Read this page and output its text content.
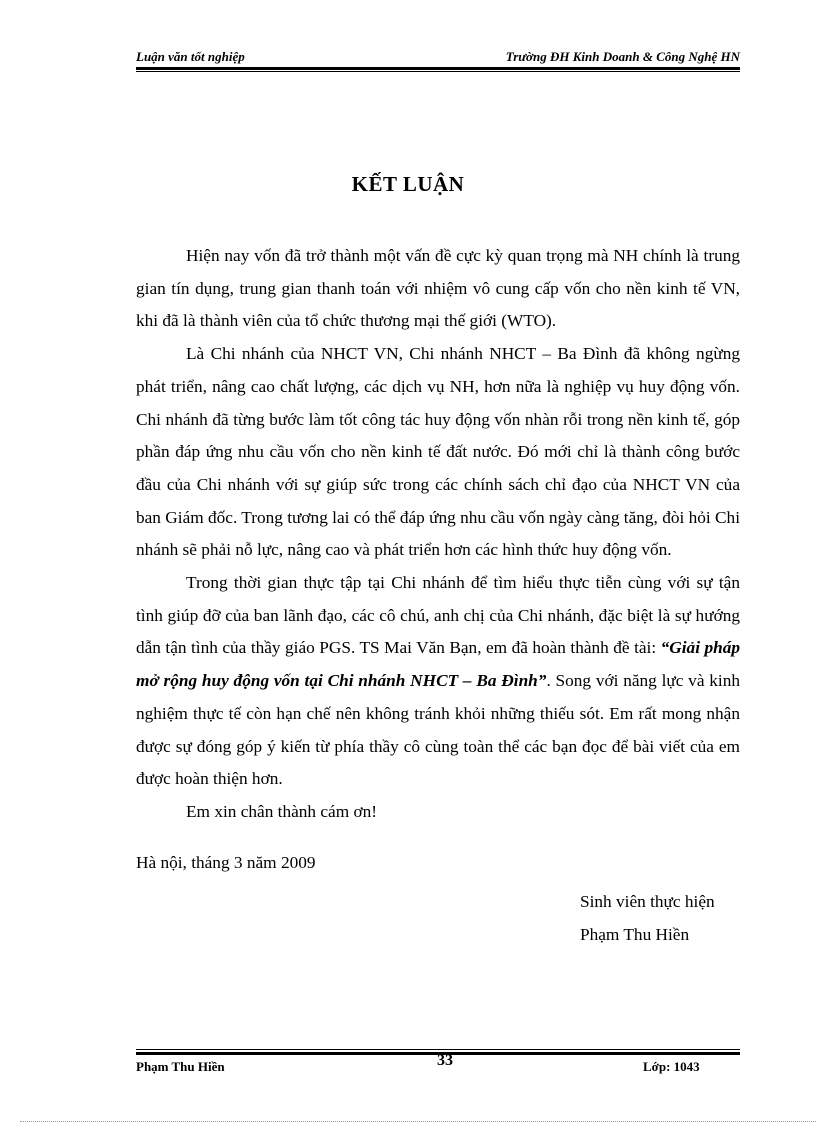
Luận văn tốt nghiệp	Trường ĐH Kinh Doanh & Công Nghệ HN
KẾT LUẬN

Hiện nay vốn đã trở thành một vấn đề cực kỳ quan trọng mà NH chính là trung gian tín dụng, trung gian thanh toán với nhiệm vô cung cấp vốn cho nền kinh tế VN, khi đã là thành viên của tổ chức thương mại thế giới (WTO).

Là Chi nhánh của NHCT VN, Chi nhánh NHCT – Ba Đình đã không ngừng phát triển, nâng cao chất lượng, các dịch vụ NH, hơn nữa là nghiệp vụ huy động vốn. Chi nhánh đã từng bước làm tốt công tác huy động vốn nhàn rỗi trong nền kinh tế, góp phần đáp ứng nhu cầu vốn cho nền kinh tế đất nước. Đó mới chỉ là thành công bước đầu của Chi nhánh với sự giúp sức trong các chính sách chỉ đạo của NHCT VN của ban Giám đốc. Trong tương lai có thể đáp ứng nhu cầu vốn ngày càng tăng, đòi hỏi Chi nhánh sẽ phải nỗ lực, nâng cao và phát triển hơn các hình thức huy động vốn.

Trong thời gian thực tập tại Chi nhánh để tìm hiểu thực tiễn cùng với sự tận tình giúp đỡ của ban lãnh đạo, các cô chú, anh chị của Chi nhánh, đặc biệt là sự hướng dẫn tận tình của thầy giáo PGS. TS Mai Văn Bạn, em đã hoàn thành đề tài: “Giải pháp mở rộng huy động vốn tại Chi nhánh NHCT – Ba Đình”. Song với năng lực và kinh nghiệm thực tế còn hạn chế nên không tránh khỏi những thiếu sót. Em rất mong nhận được sự đóng góp ý kiến từ phía thầy cô cùng toàn thể các bạn đọc để bài viết của em được hoàn thiện hơn.

Em xin chân thành cám ơn!

Hà nội, tháng 3 năm 2009
Sinh viên thực hiện
Phạm Thu Hiền
Phạm Thu Hiền	33	Lớp: 1043
